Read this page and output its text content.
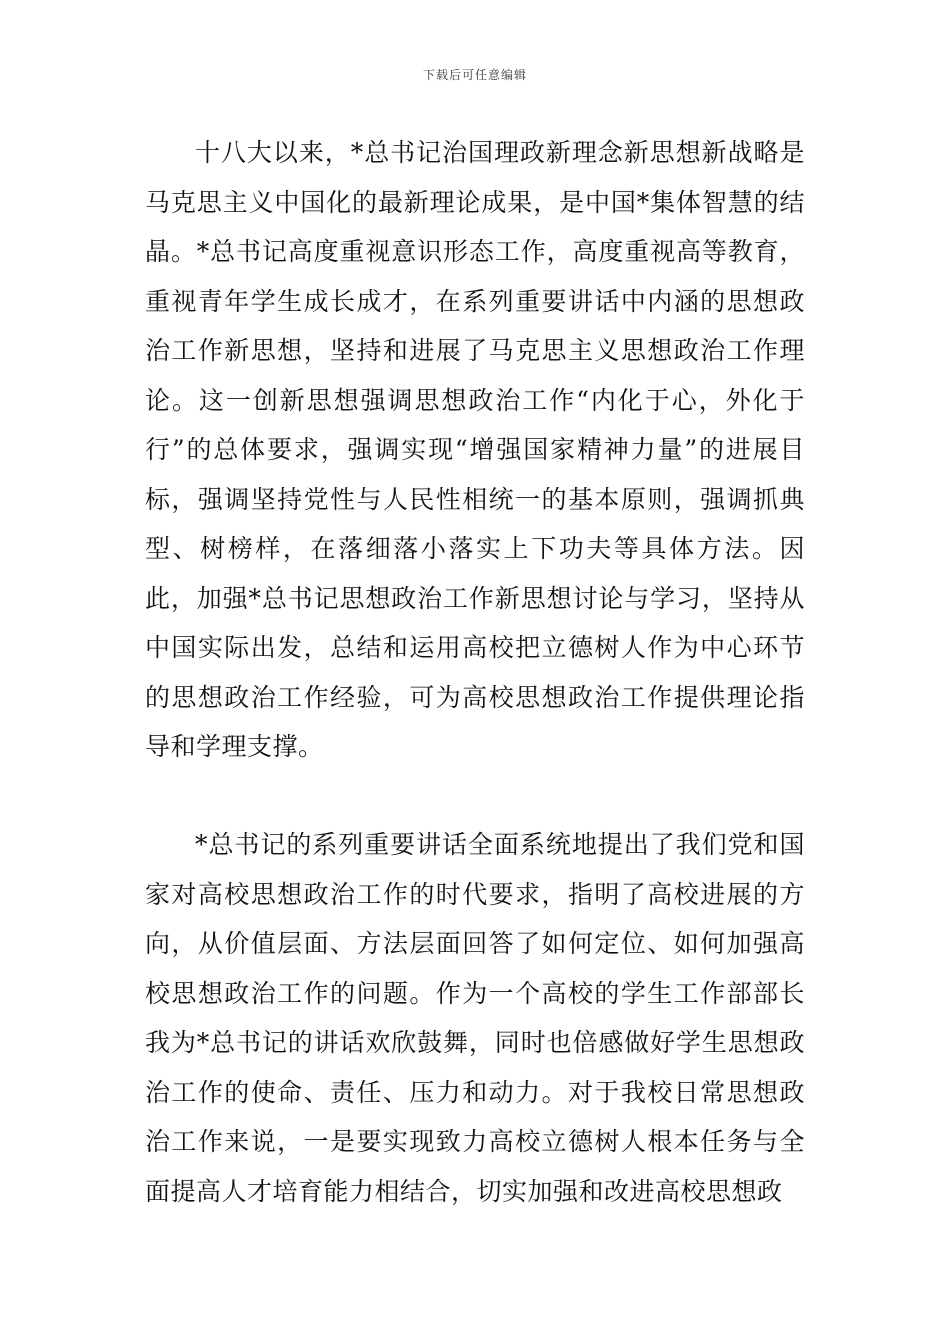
下载后可任意编辑

十八大以来，*总书记治国理政新理念新思想新战略是马克思主义中国化的最新理论成果，是中国*集体智慧的结晶。*总书记高度重视意识形态工作，高度重视高等教育，重视青年学生成长成才，在系列重要讲话中内涵的思想政治工作新思想，坚持和进展了马克思主义思想政治工作理论。这一创新思想强调思想政治工作“内化于心，外化于行”的总体要求，强调实现“增强国家精神力量”的进展目标，强调坚持党性与人民性相统一的基本原则，强调抓典型、树榜样，在落细落小落实上下功夫等具体方法。因此，加强*总书记思想政治工作新思想讨论与学习，坚持从中国实际出发，总结和运用高校把立德树人作为中心环节的思想政治工作经验，可为高校思想政治工作提供理论指导和学理支撑。

*总书记的系列重要讲话全面系统地提出了我们党和国家对高校思想政治工作的时代要求，指明了高校进展的方向，从价值层面、方法层面回答了如何定位、如何加强高校思想政治工作的问题。作为一个高校的学生工作部部长我为*总书记的讲话欢欣鼓舞，同时也倍感做好学生思想政治工作的使命、责任、压力和动力。对于我校日常思想政治工作来说，一是要实现致力高校立德树人根本任务与全面提高人才培育能力相结合，切实加强和改进高校思想政
